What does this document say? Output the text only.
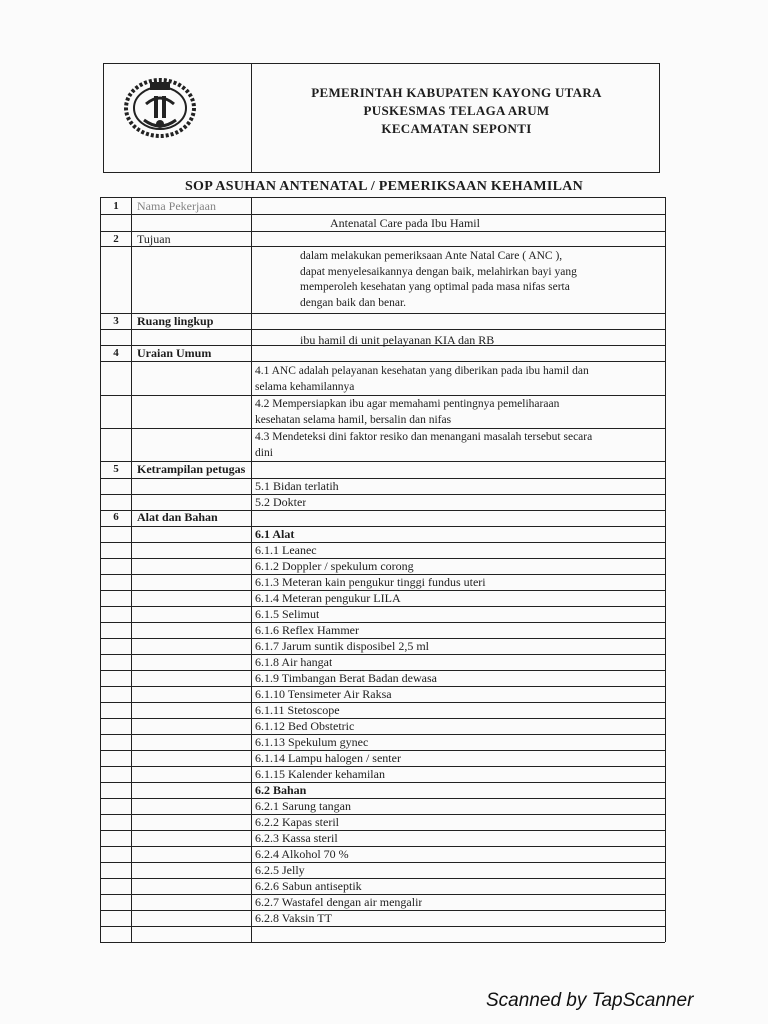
PEMERINTAH KABUPATEN KAYONG UTARA
PUSKESMAS TELAGA ARUM
KECAMATAN SEPONTI
SOP ASUHAN ANTENATAL / PEMERIKSAAN KEHAMILAN
1	Nama Pekerjaan
Antenatal Care pada Ibu Hamil
2	Tujuan
dalam melakukan pemeriksaan Ante Natal Care ( ANC ),
dapat menyelesaikannya dengan baik, melahirkan bayi yang
memperoleh kesehatan yang optimal pada masa nifas serta
dengan baik dan benar.
3	Ruang lingkup
ibu hamil di unit pelayanan KIA dan RB
4	Uraian Umum
4.1 ANC adalah pelayanan kesehatan yang diberikan pada ibu hamil dan
selama kehamilannya
4.2 Mempersiapkan ibu agar memahami pentingnya pemeliharaan
kesehatan selama hamil, bersalin dan nifas
4.3 Mendeteksi dini faktor resiko dan menangani masalah tersebut secara
dini
5	Ketrampilan petugas
5.1 Bidan terlatih
5.2 Dokter
6	Alat dan Bahan
6.1 Alat
6.1.1 Leanec
6.1.2 Doppler / spekulum corong
6.1.3 Meteran kain pengukur tinggi fundus uteri
6.1.4 Meteran pengukur LILA
6.1.5 Selimut
6.1.6 Reflex Hammer
6.1.7 Jarum suntik disposibel 2,5 ml
6.1.8 Air hangat
6.1.9 Timbangan Berat Badan dewasa
6.1.10 Tensimeter Air Raksa
6.1.11 Stetoscope
6.1.12 Bed Obstetric
6.1.13 Spekulum gynec
6.1.14 Lampu halogen / senter
6.1.15 Kalender kehamilan
6.2 Bahan
6.2.1 Sarung tangan
6.2.2 Kapas steril
6.2.3 Kassa steril
6.2.4 Alkohol 70 %
6.2.5 Jelly
6.2.6 Sabun antiseptik
6.2.7 Wastafel dengan air mengalir
6.2.8 Vaksin TT
Scanned by TapScanner
